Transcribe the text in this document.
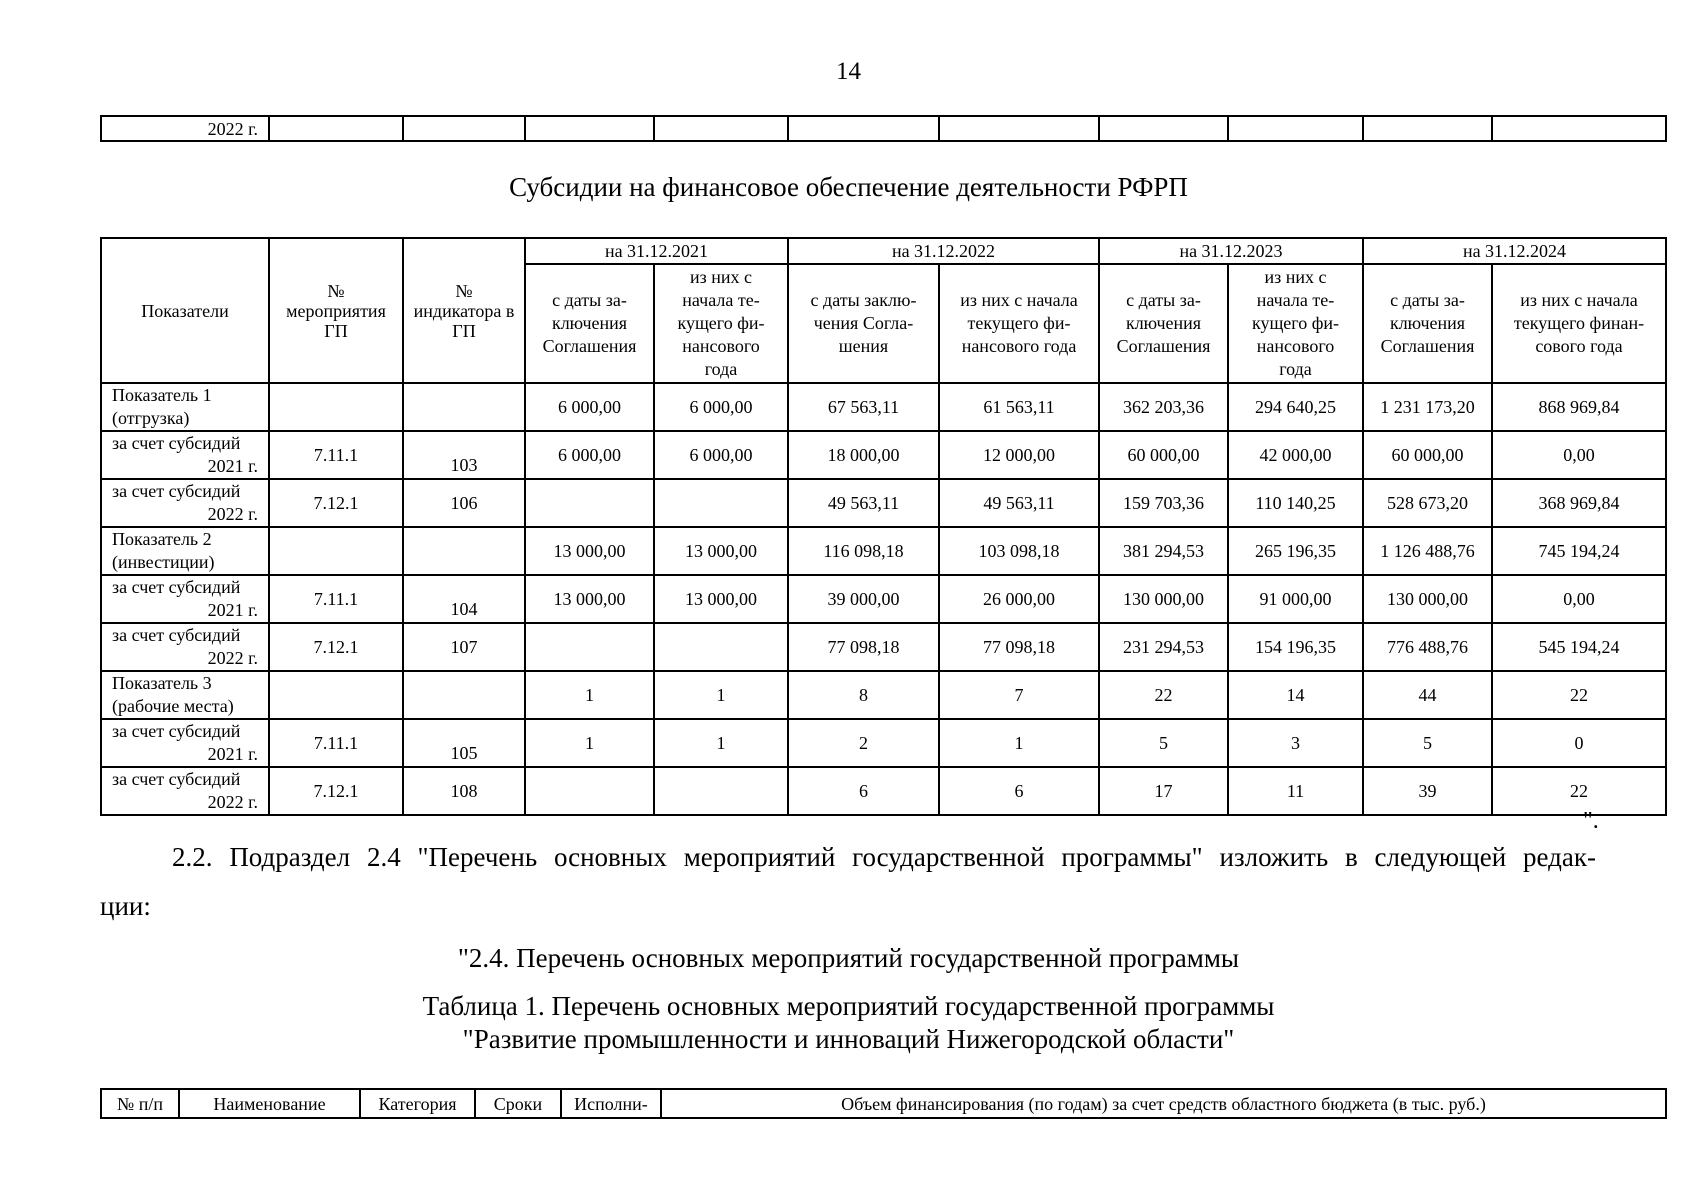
14
2022 г.										
Субсидии на финансовое обеспечение деятельности РФРП
Показатели	№ мероприятия ГП	№ индикатора в ГП	на 31.12.2021		на 31.12.2022		на 31.12.2023		на 31.12.2024	
			с даты за-ключения Соглашения	из них с начала те-кущего фи-нансового года	с даты заклю-чения Согла-шения	из них с начала текущего фи-нансового года	с даты за-ключения Соглашения	из них с начала те-кущего фи-нансового года	с даты за-ключения Соглашения	из них с начала текущего финан-сового года

Показатель 1
(отгрузка)			6 000,00	6 000,00	67 563,11	61 563,11	362 203,36	294 640,25	1 231 173,20	868 969,84

за счет субсидий
2021 г.	7.11.1	103	6 000,00	6 000,00	18 000,00	12 000,00	60 000,00	42 000,00	60 000,00	0,00

за счет субсидий
2022 г.	7.12.1	106			49 563,11	49 563,11	159 703,36	110 140,25	528 673,20	368 969,84

Показатель 2
(инвестиции)			13 000,00	13 000,00	116 098,18	103 098,18	381 294,53	265 196,35	1 126 488,76	745 194,24

за счет субсидий
2021 г.	7.11.1	104	13 000,00	13 000,00	39 000,00	26 000,00	130 000,00	91 000,00	130 000,00	0,00

за счет субсидий
2022 г.	7.12.1	107			77 098,18	77 098,18	231 294,53	154 196,35	776 488,76	545 194,24

Показатель 3
(рабочие места)			1	1	8	7	22	14	44	22

за счет субсидий
2021 г.	7.11.1	105	1	1	2	1	5	3	5	0

за счет субсидий
2022 г.	7.12.1	108			6	6	17	11	39	22
".
2.2. Подраздел 2.4 "Перечень основных мероприятий государственной программы" изложить в следующей редак-
ции:
"2.4. Перечень основных мероприятий государственной программы
Таблица 1. Перечень основных мероприятий государственной программы
"Развитие промышленности и инноваций Нижегородской области"
№ п/п	Наименование	Категория	Сроки	Исполни-	Объем финансирования (по годам) за счет средств областного бюджета (в тыс. руб.)
